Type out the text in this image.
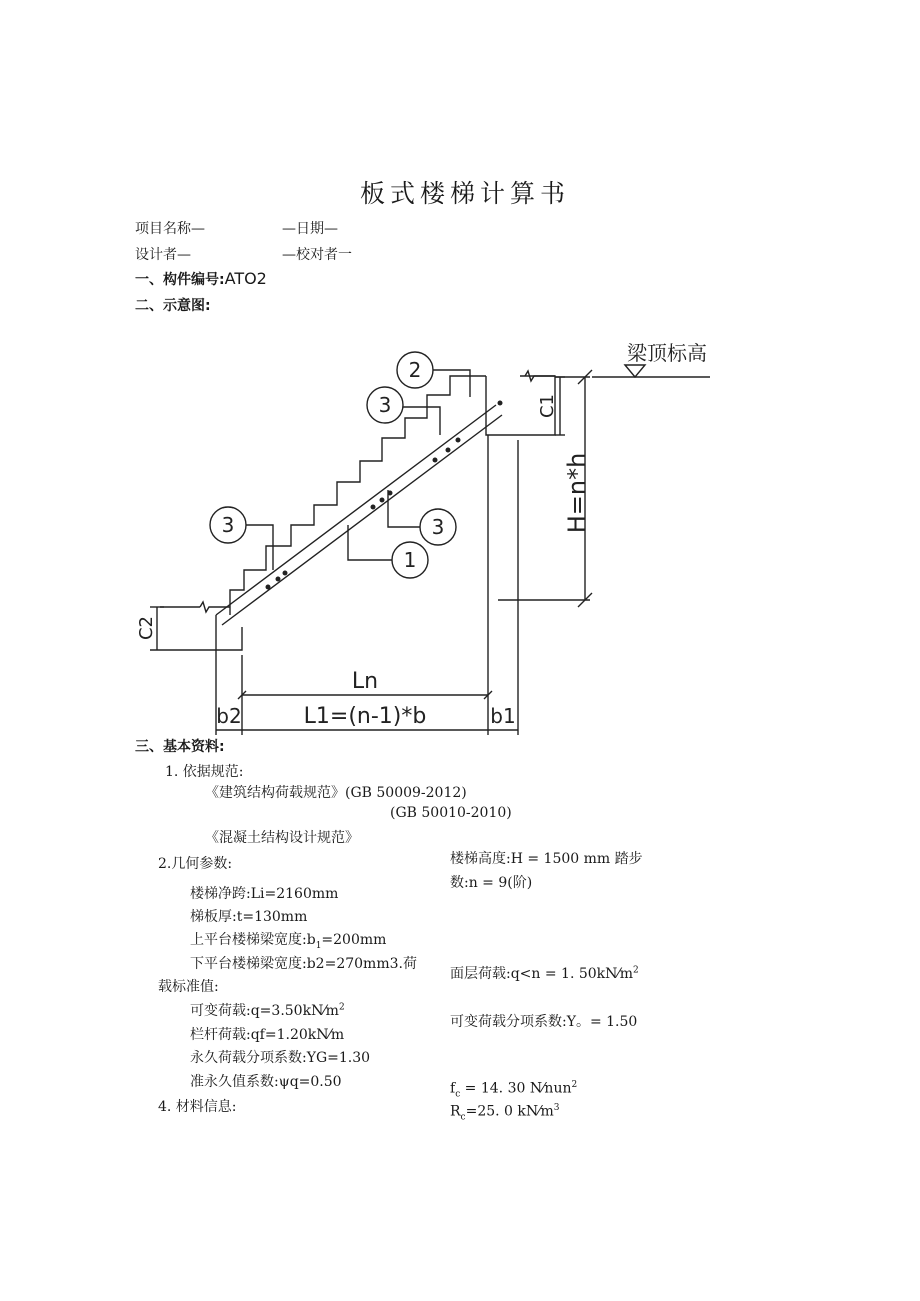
板式楼梯计算书
项目名称—	—日期—
设计者—	—校对者一
一、构件编号:ATO2
二、示意图:
梁顶标高
H=n*h
C1
C2
Ln
b2	L1=(n-1)*b	b1
2
3
3	3
1
三、基本资料:
1. 依据规范:
《建筑结构荷载规范》(GB 50009-2012)
(GB 50010-2010)
《混凝土结构设计规范》
2.几何参数:	楼梯高度:H = 1500 mm 踏步
数:n = 9(阶)
楼梯净跨:Li=2160mm
梯板厚:t=130mm
上平台楼梯梁宽度$:b_1=200mm$
下平台楼梯梁宽度:b2=270mm3.荷
载标准值:
面层荷载:q<n = 1. $50kN⁄m^2$
可变荷载$:q=3.50kN⁄m^2$
可变荷载分项系数:Y。= 1.50
栏杆荷载:qf=1.20kN⁄m
永久荷载分项系数:YG=1.30
准永久值系数:ψq=0.50	$f_c = 14$. 30 N⁄nun$^2$
4. 材料信息:	$R_c=25$. 0 $kN⁄m^3$
